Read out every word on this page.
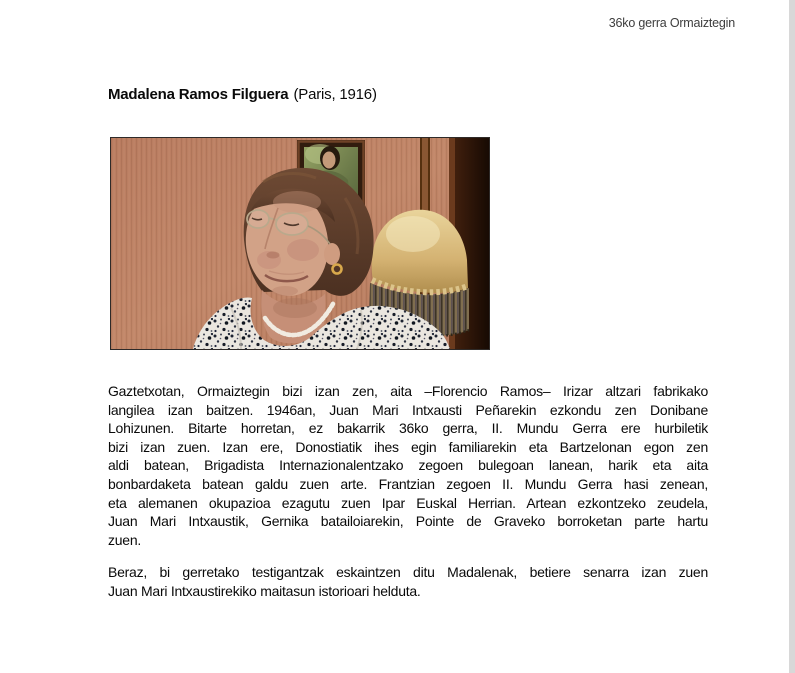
36ko gerra Ormaiztegin
Madalena Ramos Filguera (Paris, 1916)
Gaztetxotan, Ormaiztegin bizi izan zen, aita –Florencio Ramos– Irizar altzari fabrikako
langilea izan baitzen. 1946an, Juan Mari Intxausti Peñarekin ezkondu zen Donibane
Lohizunen. Bitarte horretan, ez bakarrik 36ko gerra, II. Mundu Gerra ere hurbiletik
bizi izan zuen. Izan ere, Donostiatik ihes egin familiarekin eta Bartzelonan egon zen
aldi batean, Brigadista Internazionalentzako zegoen bulegoan lanean, harik eta aita
bonbardaketa batean galdu zuen arte. Frantzian zegoen II. Mundu Gerra hasi zenean,
eta alemanen okupazioa ezagutu zuen Ipar Euskal Herrian. Artean ezkontzeko zeudela,
Juan Mari Intxaustik, Gernika batailoiarekin, Pointe de Graveko borroketan parte hartu
zuen.
Beraz, bi gerretako testigantzak eskaintzen ditu Madalenak, betiere senarra izan zuen
Juan Mari Intxaustirekiko maitasun istorioari helduta.
